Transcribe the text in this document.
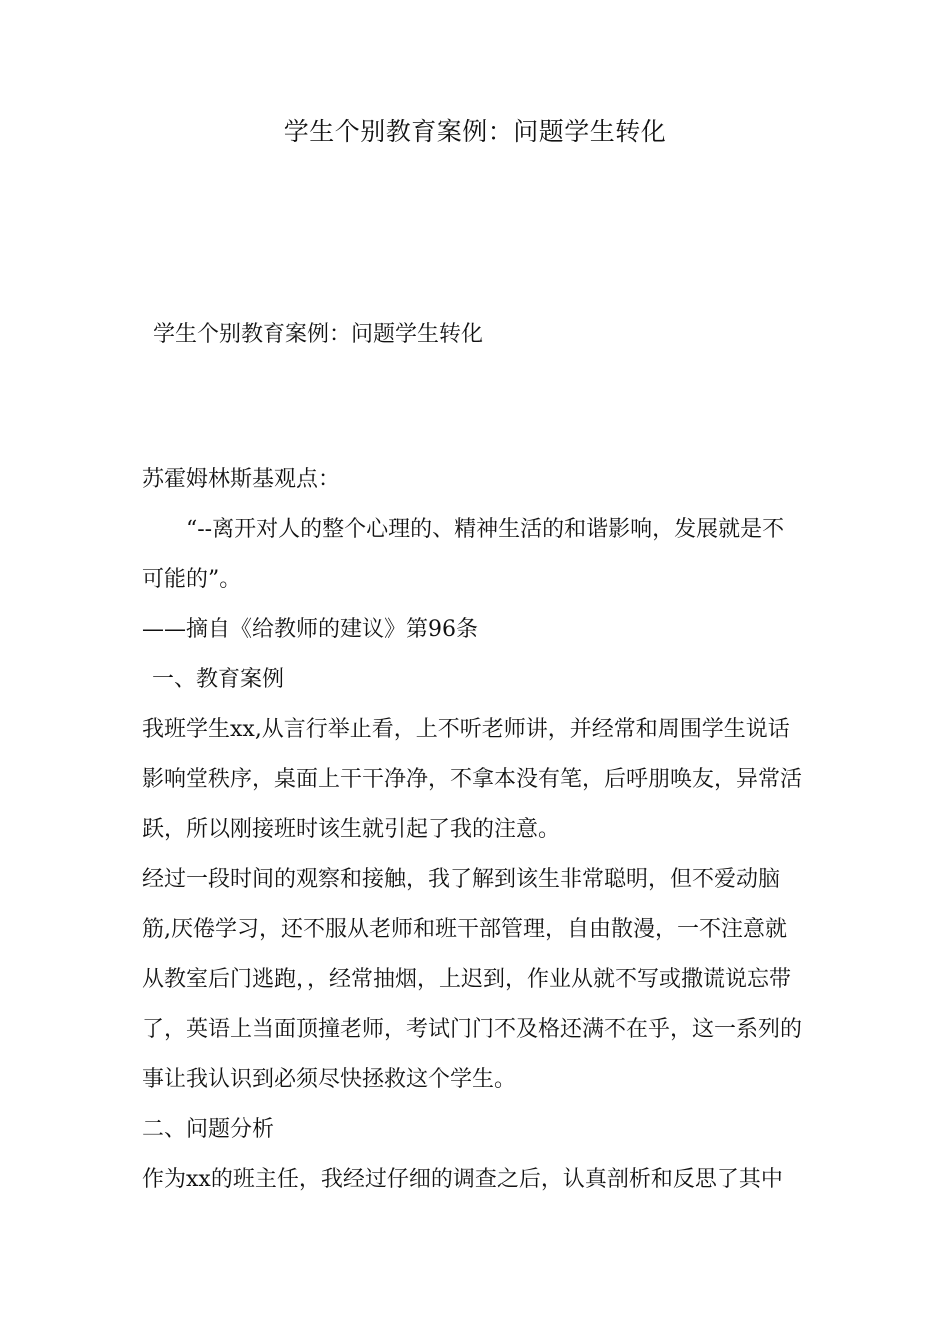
学生个别教育案例：问题学生转化
学生个别教育案例：问题学生转化

苏霍姆林斯基观点：

“--离开对人的整个心理的、精神生活的和谐影响，发展就是不可能的”。

——摘自《给教师的建议》第96条

一、教育案例

我班学生xx,从言行举止看，上不听老师讲，并经常和周围学生说话影响堂秩序，桌面上干干净净，不拿本没有笔，后呼朋唤友，异常活跃，所以刚接班时该生就引起了我的注意。

经过一段时间的观察和接触，我了解到该生非常聪明，但不爱动脑筋,厌倦学习，还不服从老师和班干部管理，自由散漫，一不注意就从教室后门逃跑，，经常抽烟，上迟到，作业从就不写或撒谎说忘带了，英语上当面顶撞老师，考试门门不及格还满不在乎，这一系列的事让我认识到必须尽快拯救这个学生。

二、问题分析

作为xx的班主任，我经过仔细的调查之后，认真剖析和反思了其中
